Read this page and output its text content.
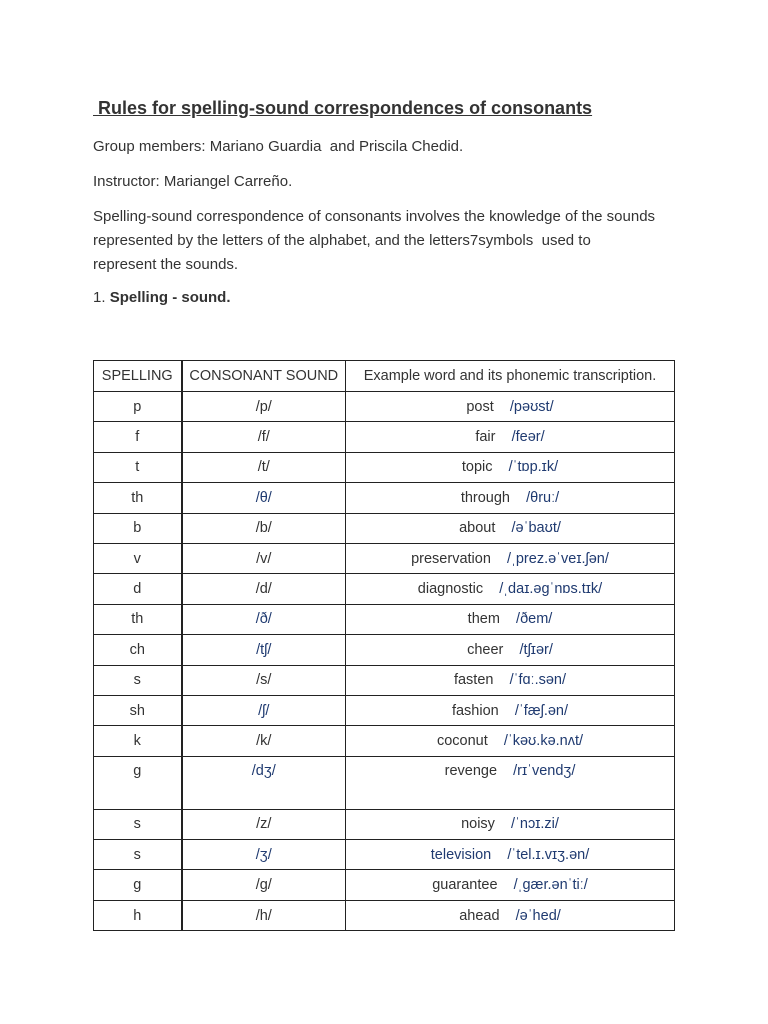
Rules for spelling-sound correspondences of consonants
Group members: Mariano Guardia  and Priscila Chedid.
Instructor: Mariangel Carreño.
Spelling-sound correspondence of consonants involves the knowledge of the sounds
represented by the letters of the alphabet, and the letters7symbols  used to
represent the sounds.
1. Spelling - sound.
SPELLING	CONSONANT SOUND	Example word and its phonemic transcription.
p	/p/	post /pəʊst/
f	/f/	fair /feər/
t	/t/	topic /ˈtɒp.ɪk/
th	/θ/	through /θruː/
b	/b/	about /əˈbaʊt/
v	/v/	preservation /ˌprez.əˈveɪ.ʃən/
d	/d/	diagnostic /ˌdaɪ.əɡˈnɒs.tɪk/
th	/ð/	them /ðem/
ch	/tʃ/	cheer /tʃɪər/
s	/s/	fasten /ˈfɑː.sən/
sh	/ʃ/	fashion /ˈfæʃ.ən/
k	/k/	coconut /ˈkəʊ.kə.nʌt/
g	/dʒ/	revenge /rɪˈvendʒ/
s	/z/	noisy /ˈnɔɪ.zi/
s	/ʒ/	television /ˈtel.ɪ.vɪʒ.ən/
g	/g/	guarantee /ˌɡær.ənˈtiː/
h	/h/	ahead /əˈhed/
